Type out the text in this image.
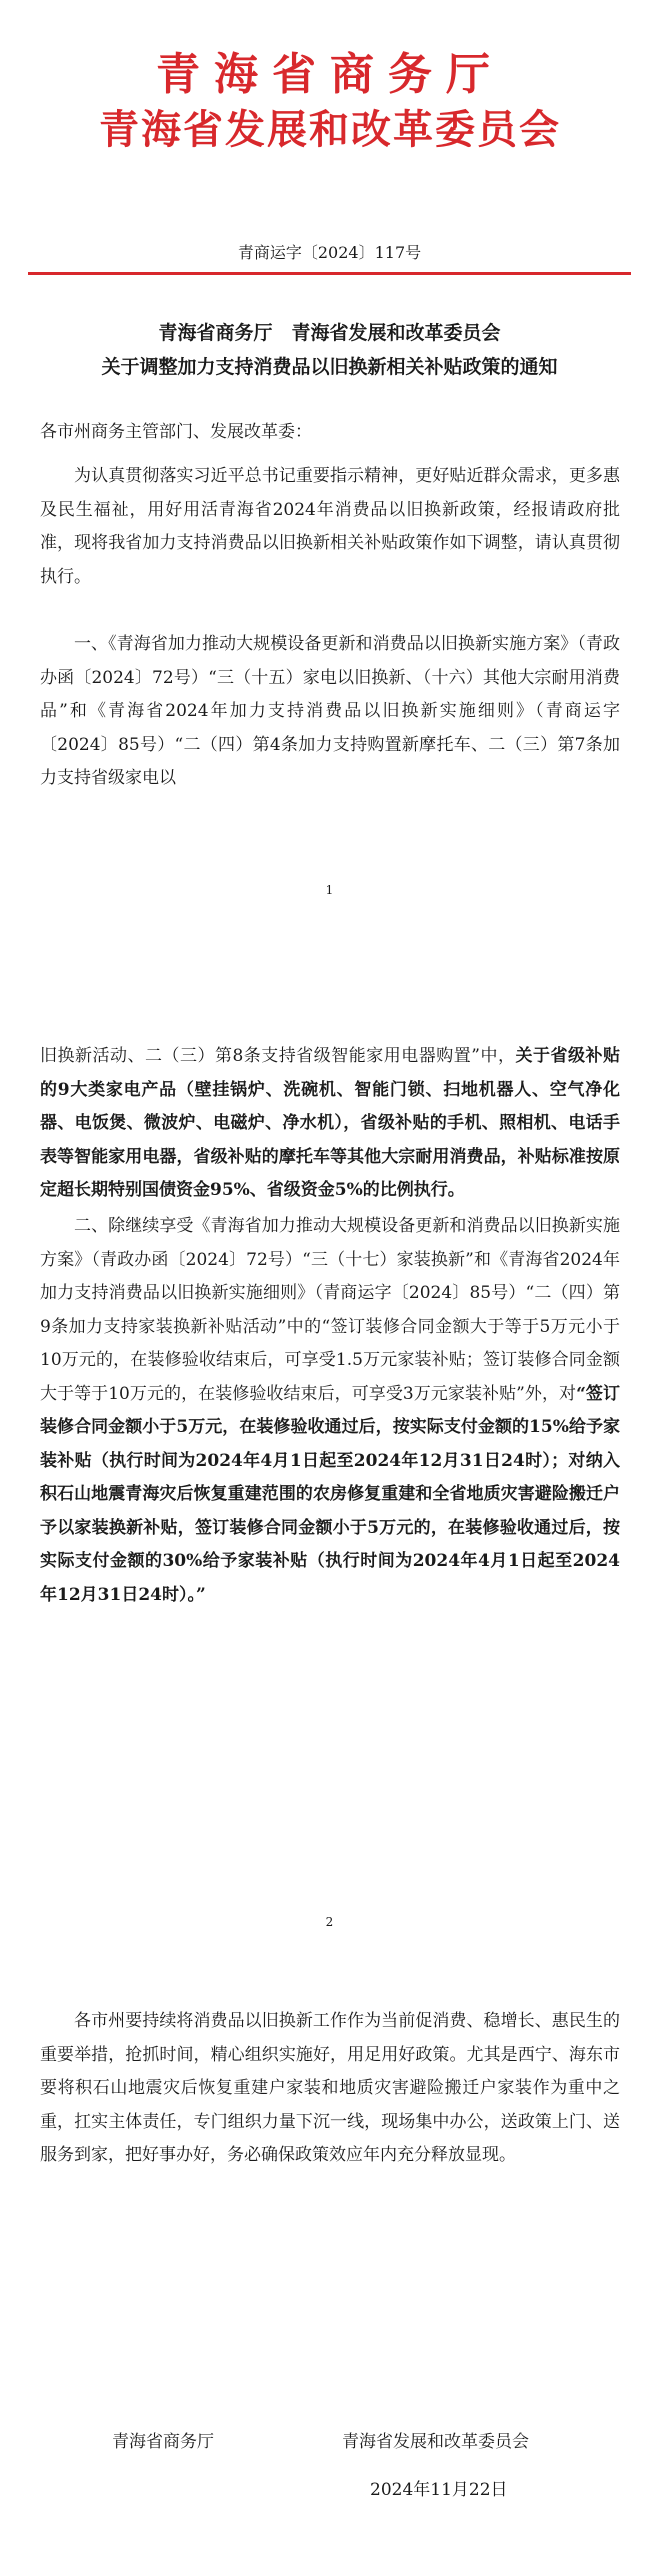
青海省商务厅
青海省发展和改革委员会
青商运字〔2024〕117号
青海省商务厅　青海省发展和改革委员会
关于调整加力支持消费品以旧换新相关补贴政策的通知
各市州商务主管部门、发展改革委：
为认真贯彻落实习近平总书记重要指示精神，更好贴近群众需求，更多惠及民生福祉，用好用活青海省2024年消费品以旧换新政策，经报请政府批准，现将我省加力支持消费品以旧换新相关补贴政策作如下调整，请认真贯彻执行。
一、《青海省加力推动大规模设备更新和消费品以旧换新实施方案》（青政办函〔2024〕72号）“三（十五）家电以旧换新、（十六）其他大宗耐用消费品”和《青海省2024年加力支持消费品以旧换新实施细则》（青商运字〔2024〕85号）“二（四）第4条加力支持购置新摩托车、二（三）第7条加力支持省级家电以
1
旧换新活动、二（三）第8条支持省级智能家用电器购置”中，关于省级补贴的9大类家电产品（壁挂锅炉、洗碗机、智能门锁、扫地机器人、空气净化器、电饭煲、微波炉、电磁炉、净水机），省级补贴的手机、照相机、电话手表等智能家用电器，省级补贴的摩托车等其他大宗耐用消费品，补贴标准按原定超长期特别国债资金95%、省级资金5%的比例执行。
二、除继续享受《青海省加力推动大规模设备更新和消费品以旧换新实施方案》（青政办函〔2024〕72号）“三（十七）家装换新”和《青海省2024年加力支持消费品以旧换新实施细则》（青商运字〔2024〕85号）“二（四）第9条加力支持家装换新补贴活动”中的“签订装修合同金额大于等于5万元小于10万元的，在装修验收结束后，可享受1.5万元家装补贴；签订装修合同金额大于等于10万元的，在装修验收结束后，可享受3万元家装补贴”外，对“签订装修合同金额小于5万元，在装修验收通过后，按实际支付金额的15%给予家装补贴（执行时间为2024年4月1日起至2024年12月31日24时）；对纳入积石山地震青海灾后恢复重建范围的农房修复重建和全省地质灾害避险搬迁户予以家装换新补贴，签订装修合同金额小于5万元的，在装修验收通过后，按实际支付金额的30%给予家装补贴（执行时间为2024年4月1日起至2024年12月31日24时）。”
2
各市州要持续将消费品以旧换新工作作为当前促消费、稳增长、惠民生的重要举措，抢抓时间，精心组织实施好，用足用好政策。尤其是西宁、海东市要将积石山地震灾后恢复重建户家装和地质灾害避险搬迁户家装作为重中之重，扛实主体责任，专门组织力量下沉一线，现场集中办公，送政策上门、送服务到家，把好事办好，务必确保政策效应年内充分释放显现。
青海省商务厅	青海省发展和改革委员会
2024年11月22日
